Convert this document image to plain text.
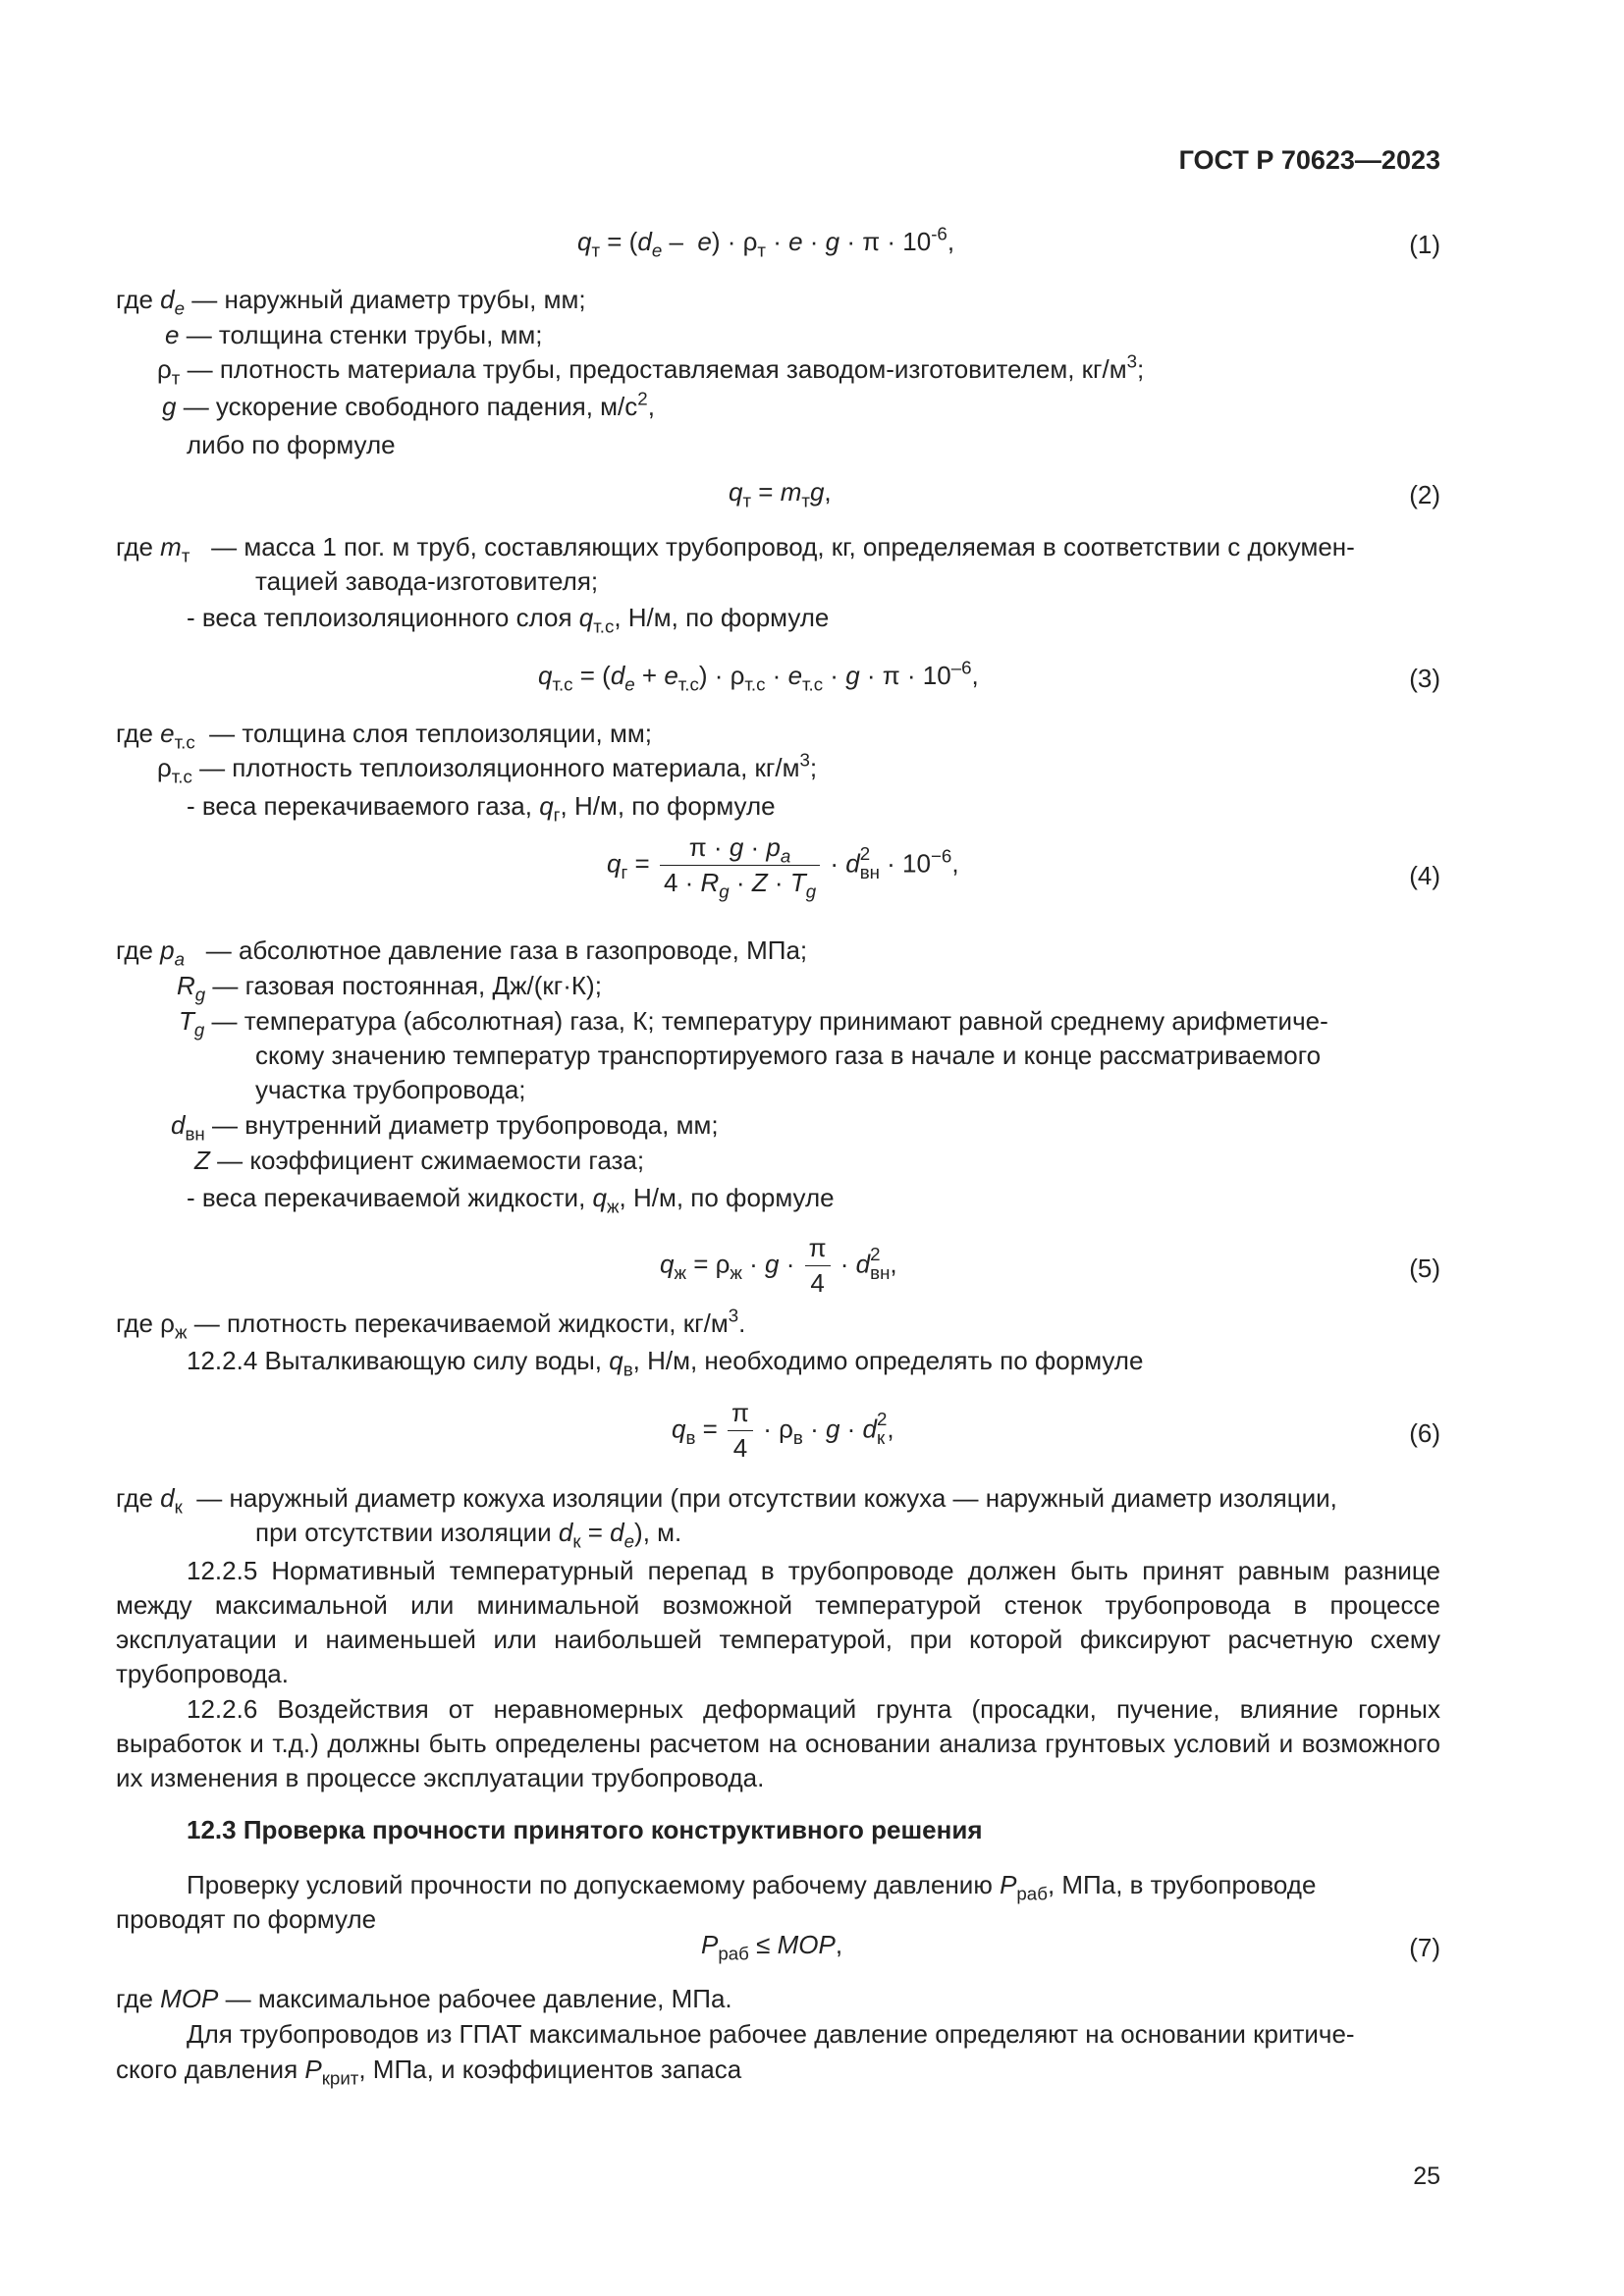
ГОСТ Р 70623—2023
$q_т = (d_e - e) \cdot \rho_т \cdot e \cdot g \cdot \pi \cdot 10^{-6}$,	(1)
где $d_e$ — наружный диаметр трубы, мм;
e — толщина стенки трубы, мм;
$\rho_т$ — плотность материала трубы, предоставляемая заводом-изготовителем, $кг/м^3$;
g — ускорение свободного падения, $м/с^2$,
либо по формуле
$q_т = m_тg$,	(2)
где $m_т$ — масса 1 пог. м труб, составляющих трубопровод, кг, определяемая в соответствии с докумен-
тацией завода-изготовителя;
- веса теплоизоляционного слоя $q_{т.с}$, Н/м, по формуле
$q_{т.с} = (d_e + e_{т.с}) \cdot \rho_{т.с} \cdot e_{т.с} \cdot g \cdot \pi \cdot 10^{-6}$,	(3)
где $e_{т.с}$ — толщина слоя теплоизоляции, мм;
$\rho_{т.с}$ — плотность теплоизоляционного материала, $кг/м^3$;
- веса перекачиваемого газа, $q_г$, Н/м, по формуле
$q_г = \frac{\pi \cdot g \cdot p_a}{4 \cdot R_g \cdot Z \cdot T_g} \cdot d$ 2
вн · $10^{-6}$,	(4)
где $p_a$ — абсолютное давление газа в газопроводе, МПа;
$R_g$ — газовая постоянная, Дж/(кг·К);
$T_g$ — температура (абсолютная) газа, К; температуру принимают равной среднему арифметиче-
скому значению температур транспортируемого газа в начале и конце рассматриваемого
участка трубопровода;
$d_{вн}$ — внутренний диаметр трубопровода, мм;
Z — коэффициент сжимаемости газа;
- веса перекачиваемой жидкости, $q_ж$, Н/м, по формуле
$q_ж = \rho_ж \cdot g \cdot \frac{\pi}{4} \cdot d$ 2
вн ,	(5)
где $\rho_ж$ — плотность перекачиваемой жидкости, $кг/м^3$.
12.2.4 Выталкивающую силу воды, $q_в$, Н/м, необходимо определять по формуле
$q_в = \frac{\pi}{4} \cdot \rho_в \cdot g \cdot d$ 2
к ,	(6)
где $d_к$ — наружный диаметр кожуха изоляции (при отсутствии кожуха — наружный диаметр изоляции,
при отсутствии изоляции $d_к = d_e$), м.
12.2.5 Нормативный температурный перепад в трубопроводе должен быть принят равным разнице между максимальной или минимальной возможной температурой стенок трубопровода в процессе эксплуатации и наименьшей или наибольшей температурой, при которой фиксируют расчетную схему трубопровода.
12.2.6 Воздействия от неравномерных деформаций грунта (просадки, пучение, влияние горных выработок и т.д.) должны быть определены расчетом на основании анализа грунтовых условий и возможного их изменения в процессе эксплуатации трубопровода.
12.3 Проверка прочности принятого конструктивного решения
Проверку условий прочности по допускаемому рабочему давлению $P_{раб}$, МПа, в трубопроводе
проводят по формуле
$P_{раб}$ ≤ MOP,	(7)
где MOP — максимальное рабочее давление, МПа.
Для трубопроводов из ГПАТ максимальное рабочее давление определяют на основании критиче-
ского давления $P_{крит}$, МПа, и коэффициентов запаса
25
